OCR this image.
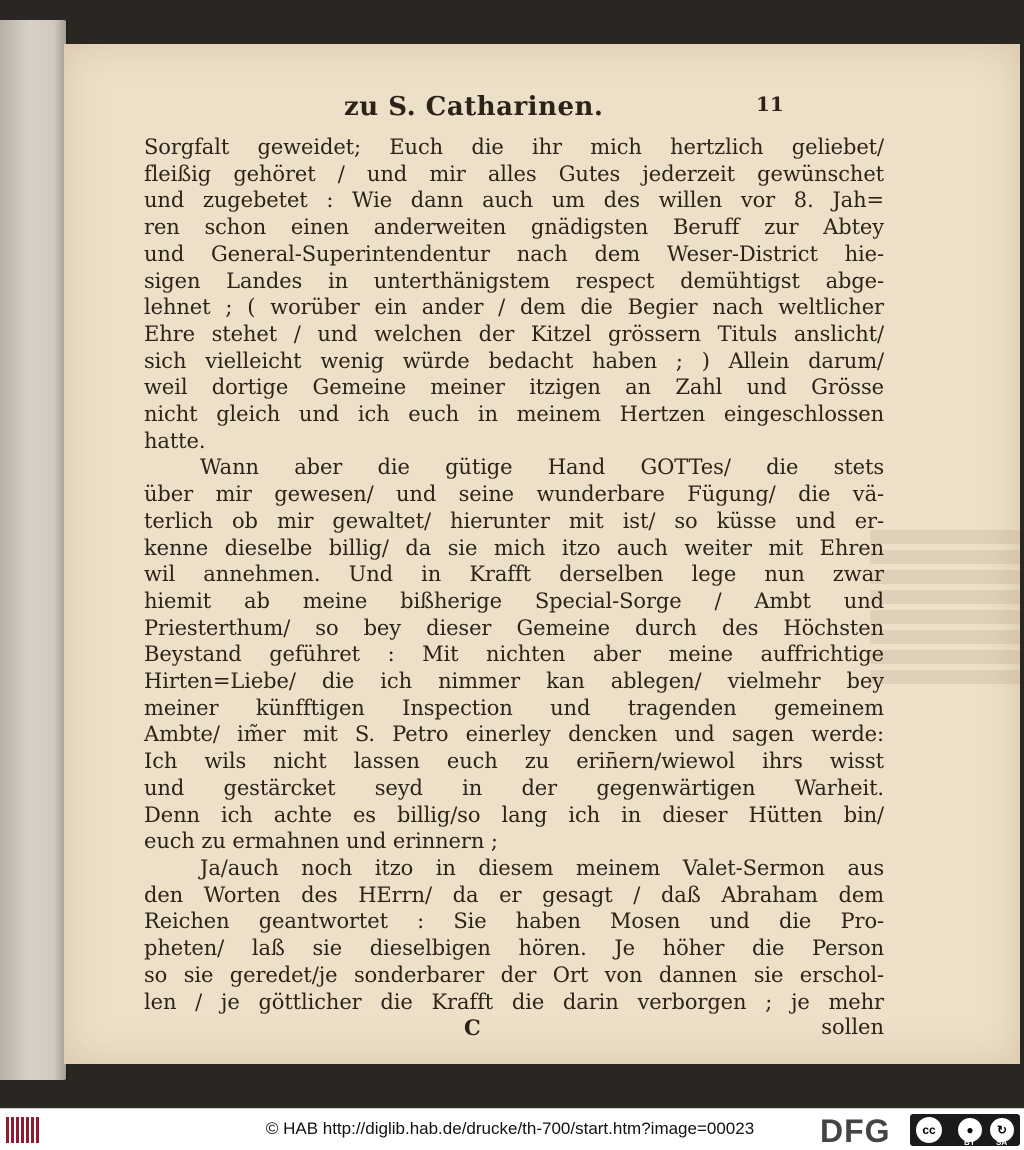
zu S. Catharinen.	11
Sorgfalt geweidet; Euch die ihr mich hertzlich geliebet/
fleißig gehöret / und mir alles Gutes jederzeit gewünschet
und zugebetet : Wie dann auch um des willen vor 8. Jah=
ren schon einen anderweiten gnädigsten Beruff zur Abtey
und General-Superintendentur nach dem Weser-District hie-
sigen Landes in unterthänigstem respect demühtigst abge-
lehnet ; ( worüber ein ander / dem die Begier nach weltlicher
Ehre stehet / und welchen der Kitzel grössern Tituls anslicht/
sich vielleicht wenig würde bedacht haben ; ) Allein darum/
weil dortige Gemeine meiner itzigen an Zahl und Grösse
nicht gleich und ich euch in meinem Hertzen eingeschlossen
hatte.
Wann aber die gütige Hand GOTTes/ die stets
über mir gewesen/ und seine wunderbare Fügung/ die vä-
terlich ob mir gewaltet/ hierunter mit ist/ so küsse und er-
kenne dieselbe billig/ da sie mich itzo auch weiter mit Ehren
wil annehmen. Und in Krafft derselben lege nun zwar
hiemit ab meine bißherige Special-Sorge / Ambt und
Priesterthum/ so bey dieser Gemeine durch des Höchsten
Beystand geführet : Mit nichten aber meine auffrichtige
Hirten=Liebe/ die ich nimmer kan ablegen/ vielmehr bey
meiner künfftigen Inspection und tragenden gemeinem
Ambte/ im̃er mit S. Petro einerley dencken und sagen werde:
Ich wils nicht lassen euch zu erin̄ern/wiewol ihrs wisst
und gestärcket seyd in der gegenwärtigen Warheit.
Denn ich achte es billig/so lang ich in dieser Hütten bin/
euch zu ermahnen und erinnern ;
Ja/auch noch itzo in diesem meinem Valet-Sermon aus
den Worten des HErrn/ da er gesagt / daß Abraham dem
Reichen geantwortet : Sie haben Mosen und die Pro-
pheten/ laß sie dieselbigen hören. Je höher die Person
so sie geredet/je sonderbarer der Ort von dannen sie erschol-
len / je göttlicher die Krafft die darin verborgen ; je mehr
C	sollen
© HAB http://diglib.hab.de/drucke/th-700/start.htm?image=00023	DFG	cc	●	↻
BY	SA
